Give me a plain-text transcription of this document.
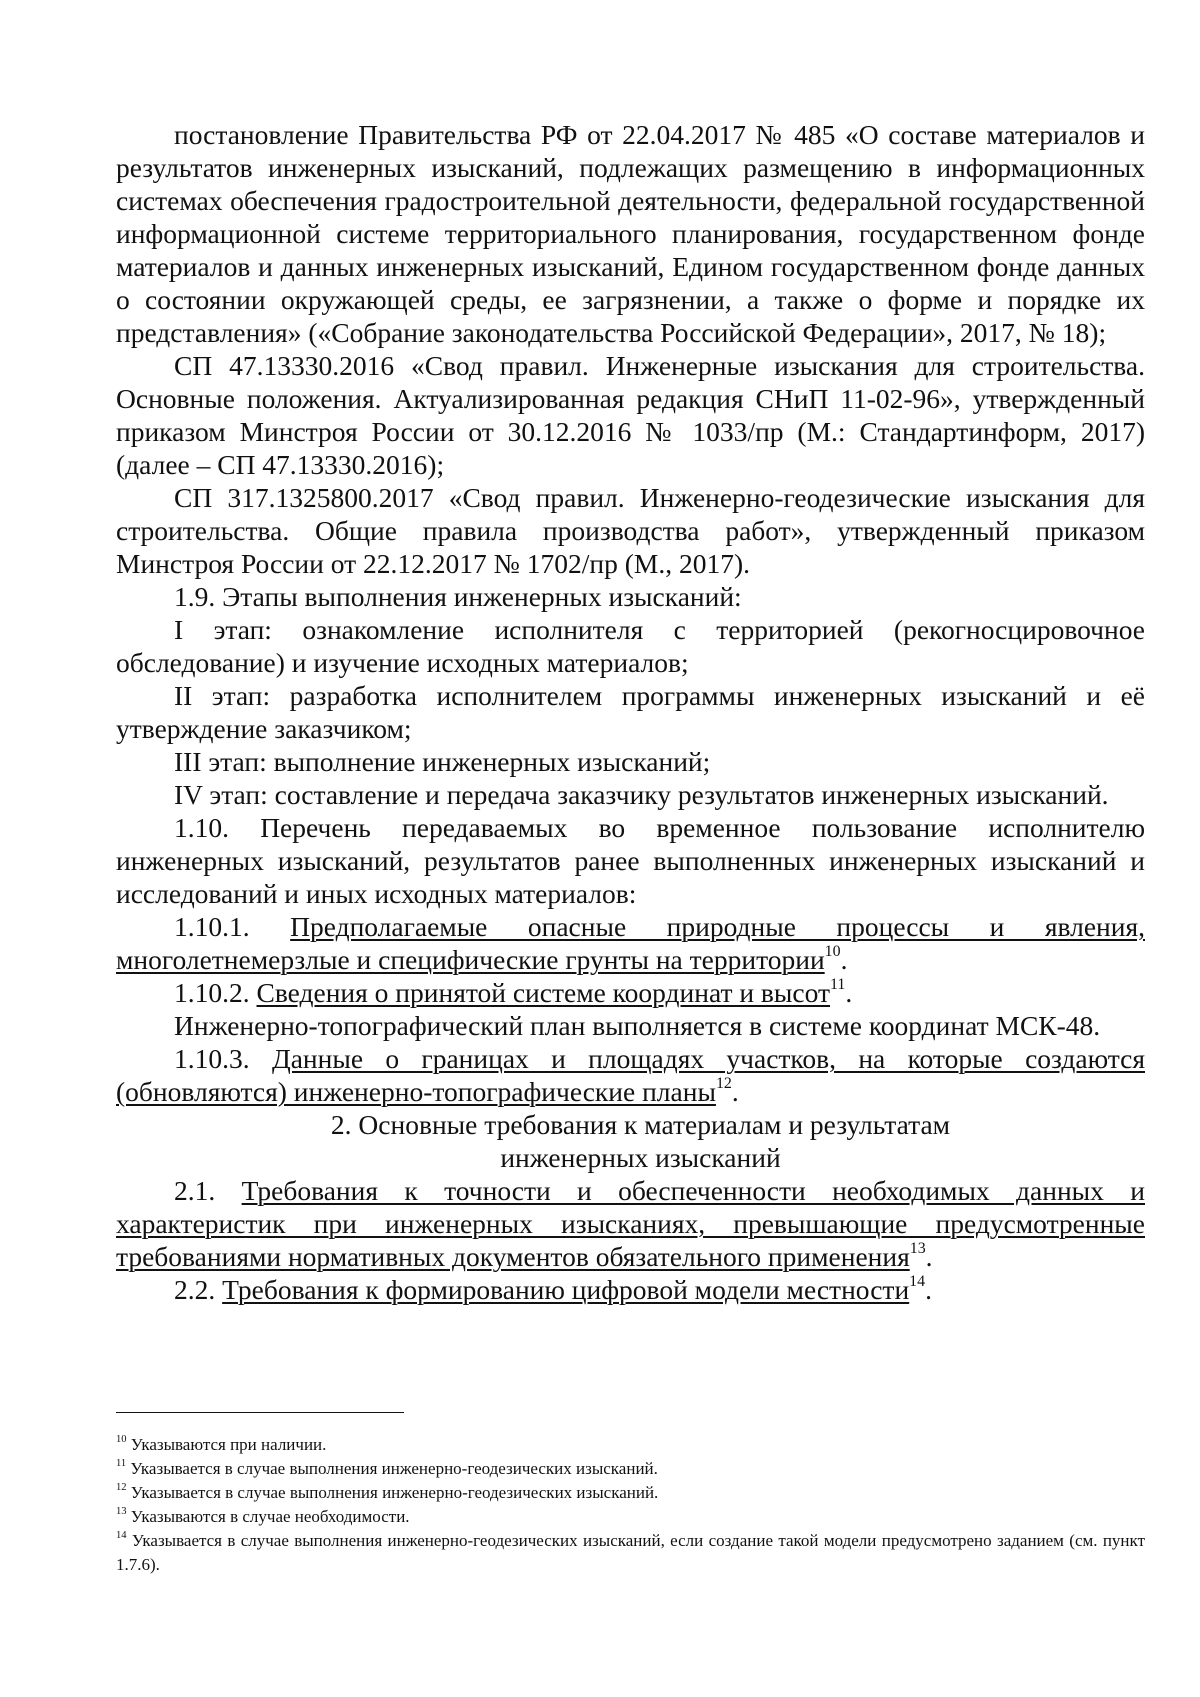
постановление Правительства РФ от 22.04.2017 № 485 «О составе материалов и результатов инженерных изысканий, подлежащих размещению в информационных системах обеспечения градостроительной деятельности, федеральной государственной информационной системе территориального планирования, государственном фонде материалов и данных инженерных изысканий, Едином государственном фонде данных о состоянии окружающей среды, ее загрязнении, а также о форме и порядке их представления» («Собрание законодательства Российской Федерации», 2017, № 18);

СП 47.13330.2016 «Свод правил. Инженерные изыскания для строительства. Основные положения. Актуализированная редакция СНиП 11-02-96», утвержденный приказом Минстроя России от 30.12.2016 № 1033/пр (М.: Стандартинформ, 2017) (далее – СП 47.13330.2016);

СП 317.1325800.2017 «Свод правил. Инженерно-геодезические изыскания для строительства. Общие правила производства работ», утвержденный приказом Минстроя России от 22.12.2017 № 1702/пр (М., 2017).

1.9. Этапы выполнения инженерных изысканий:

I этап: ознакомление исполнителя с территорией (рекогносцировочное обследование) и изучение исходных материалов;

II этап: разработка исполнителем программы инженерных изысканий и её утверждение заказчиком;

III этап: выполнение инженерных изысканий;

IV этап: составление и передача заказчику результатов инженерных изысканий.

1.10. Перечень передаваемых во временное пользование исполнителю инженерных изысканий, результатов ранее выполненных инженерных изысканий и исследований и иных исходных материалов:

1.10.1. Предполагаемые опасные природные процессы и явления, многолетнемерзлые и специфические грунты на территории$^{10}$.

1.10.2. Сведения о принятой системе координат и высот$^{11}$.

Инженерно-топографический план выполняется в системе координат МСК-48.

1.10.3. Данные о границах и площадях участков, на которые создаются (обновляются) инженерно-топографические планы$^{12}$.

2. Основные требования к материалам и результатам
инженерных изысканий

2.1. Требования к точности и обеспеченности необходимых данных и характеристик при инженерных изысканиях, превышающие предусмотренные требованиями нормативных документов обязательного применения$^{13}$.

2.2. Требования к формированию цифровой модели местности$^{14}$.

$^{10}$ Указываются при наличии.

$^{11}$ Указывается в случае выполнения инженерно-геодезических изысканий.

$^{12}$ Указывается в случае выполнения инженерно-геодезических изысканий.

$^{13}$ Указываются в случае необходимости.

$^{14}$ Указывается в случае выполнения инженерно-геодезических изысканий, если создание такой модели предусмотрено заданием (см. пункт 1.7.6).
